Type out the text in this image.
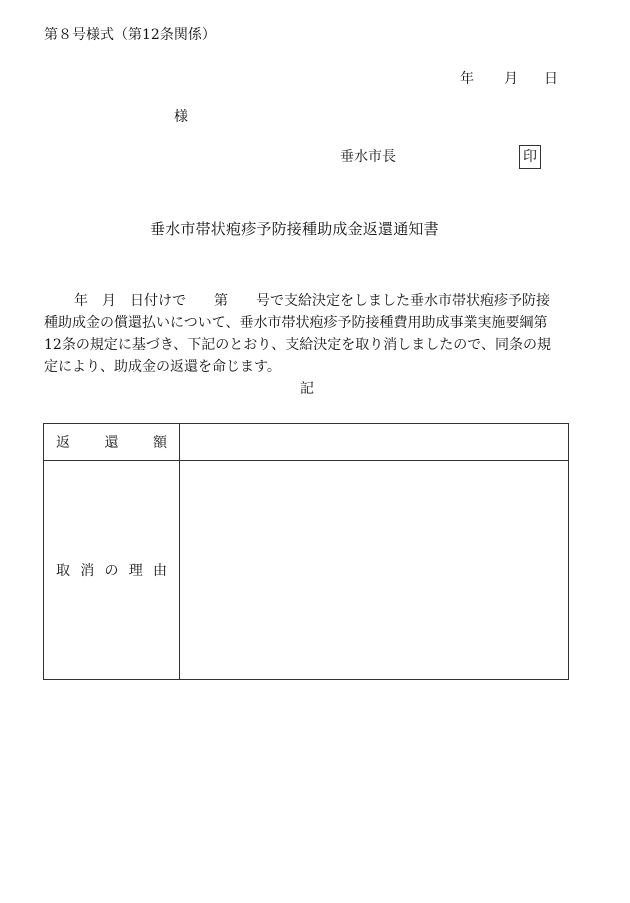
第８号様式（第12条関係）
年 月 日
様
垂水市長	印
垂水市帯状疱疹予防接種助成金返還通知書
年　月　日付けで　　第　　号で支給決定をしました垂水市帯状疱疹予防接種助成金の償還払いについて、垂水市帯状疱疹予防接種費用助成事業実施要綱第12条の規定に基づき、下記のとおり、支給決定を取り消しましたので、同条の規定により、助成金の返還を命じます。
記
返 還 額	

取 消 の 理 由	
